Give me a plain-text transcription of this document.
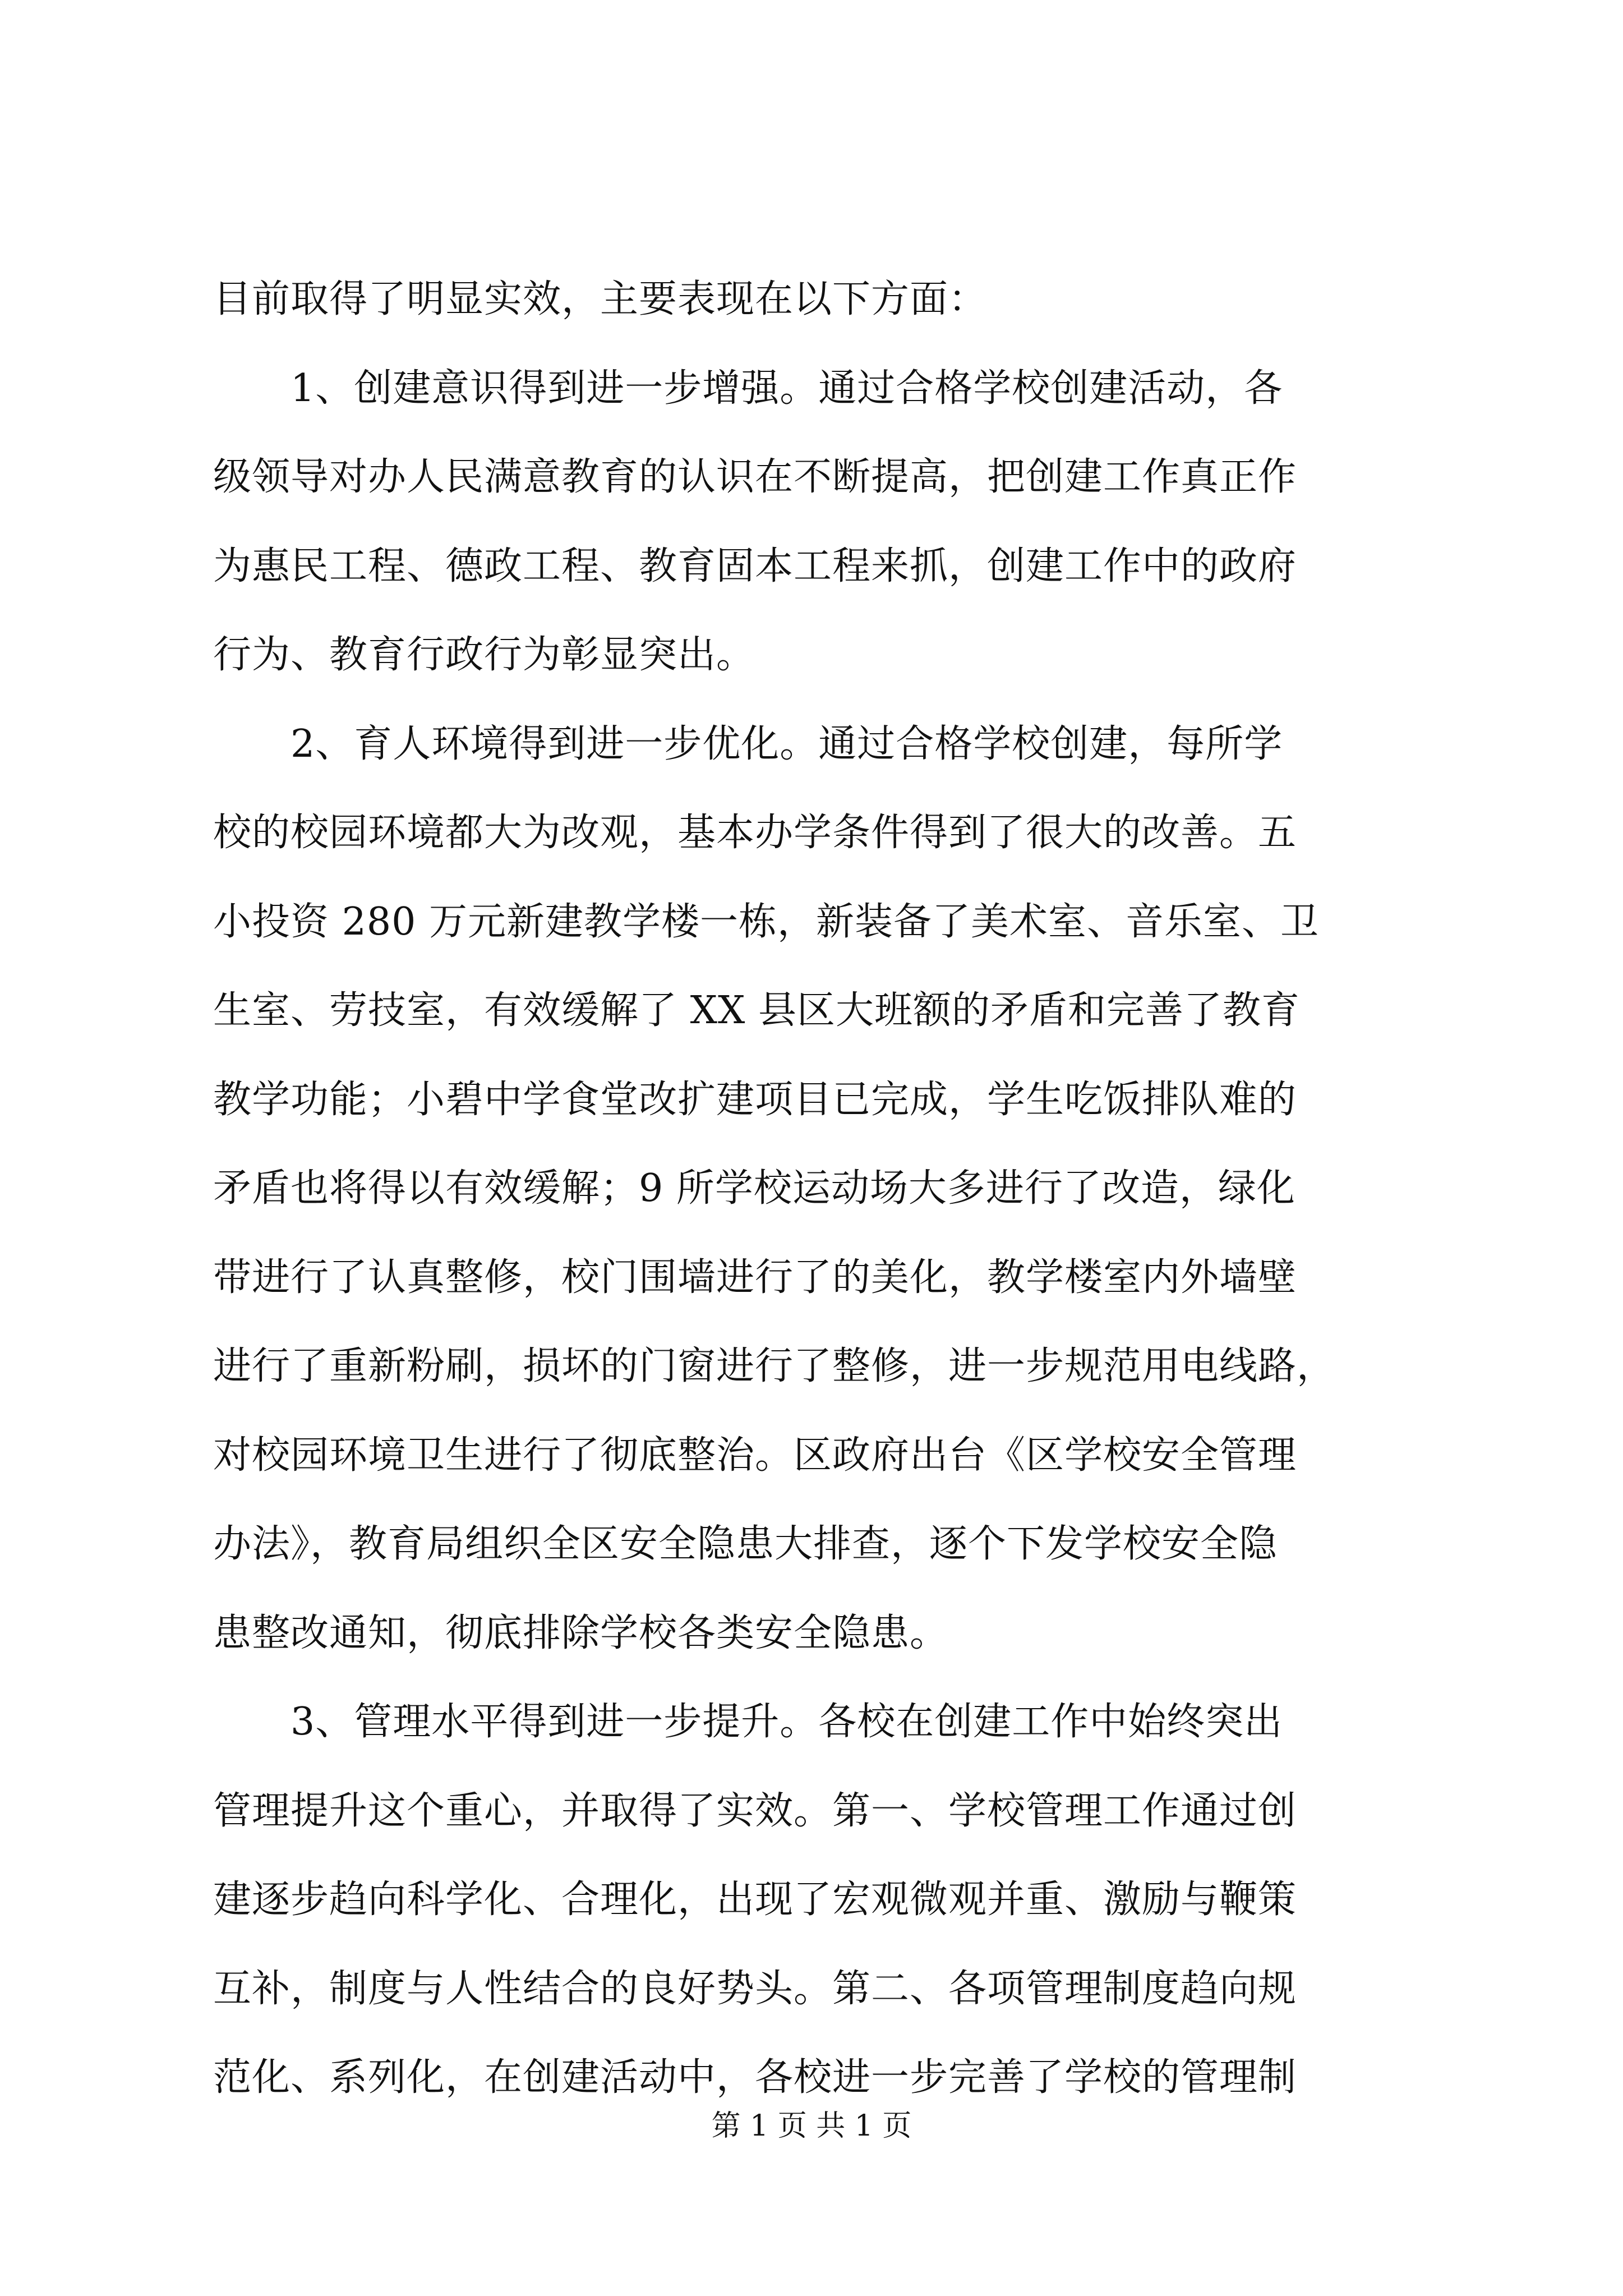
目前取得了明显实效，主要表现在以下方面：
　　1、创建意识得到进一步增强。通过合格学校创建活动，各
级领导对办人民满意教育的认识在不断提高，把创建工作真正作
为惠民工程、德政工程、教育固本工程来抓，创建工作中的政府
行为、教育行政行为彰显突出。
　　2、育人环境得到进一步优化。通过合格学校创建，每所学
校的校园环境都大为改观，基本办学条件得到了很大的改善。五
小投资 280 万元新建教学楼一栋，新装备了美术室、音乐室、卫
生室、劳技室，有效缓解了 XX 县区大班额的矛盾和完善了教育
教学功能；小碧中学食堂改扩建项目已完成，学生吃饭排队难的
矛盾也将得以有效缓解；9 所学校运动场大多进行了改造，绿化
带进行了认真整修，校门围墙进行了的美化，教学楼室内外墙壁
进行了重新粉刷，损坏的门窗进行了整修，进一步规范用电线路，
对校园环境卫生进行了彻底整治。区政府出台《区学校安全管理
办法》，教育局组织全区安全隐患大排查，逐个下发学校安全隐
患整改通知，彻底排除学校各类安全隐患。
　　3、管理水平得到进一步提升。各校在创建工作中始终突出
管理提升这个重心，并取得了实效。第一、学校管理工作通过创
建逐步趋向科学化、合理化，出现了宏观微观并重、激励与鞭策
互补，制度与人性结合的良好势头。第二、各项管理制度趋向规
范化、系列化，在创建活动中，各校进一步完善了学校的管理制
第 1 页 共 1 页
